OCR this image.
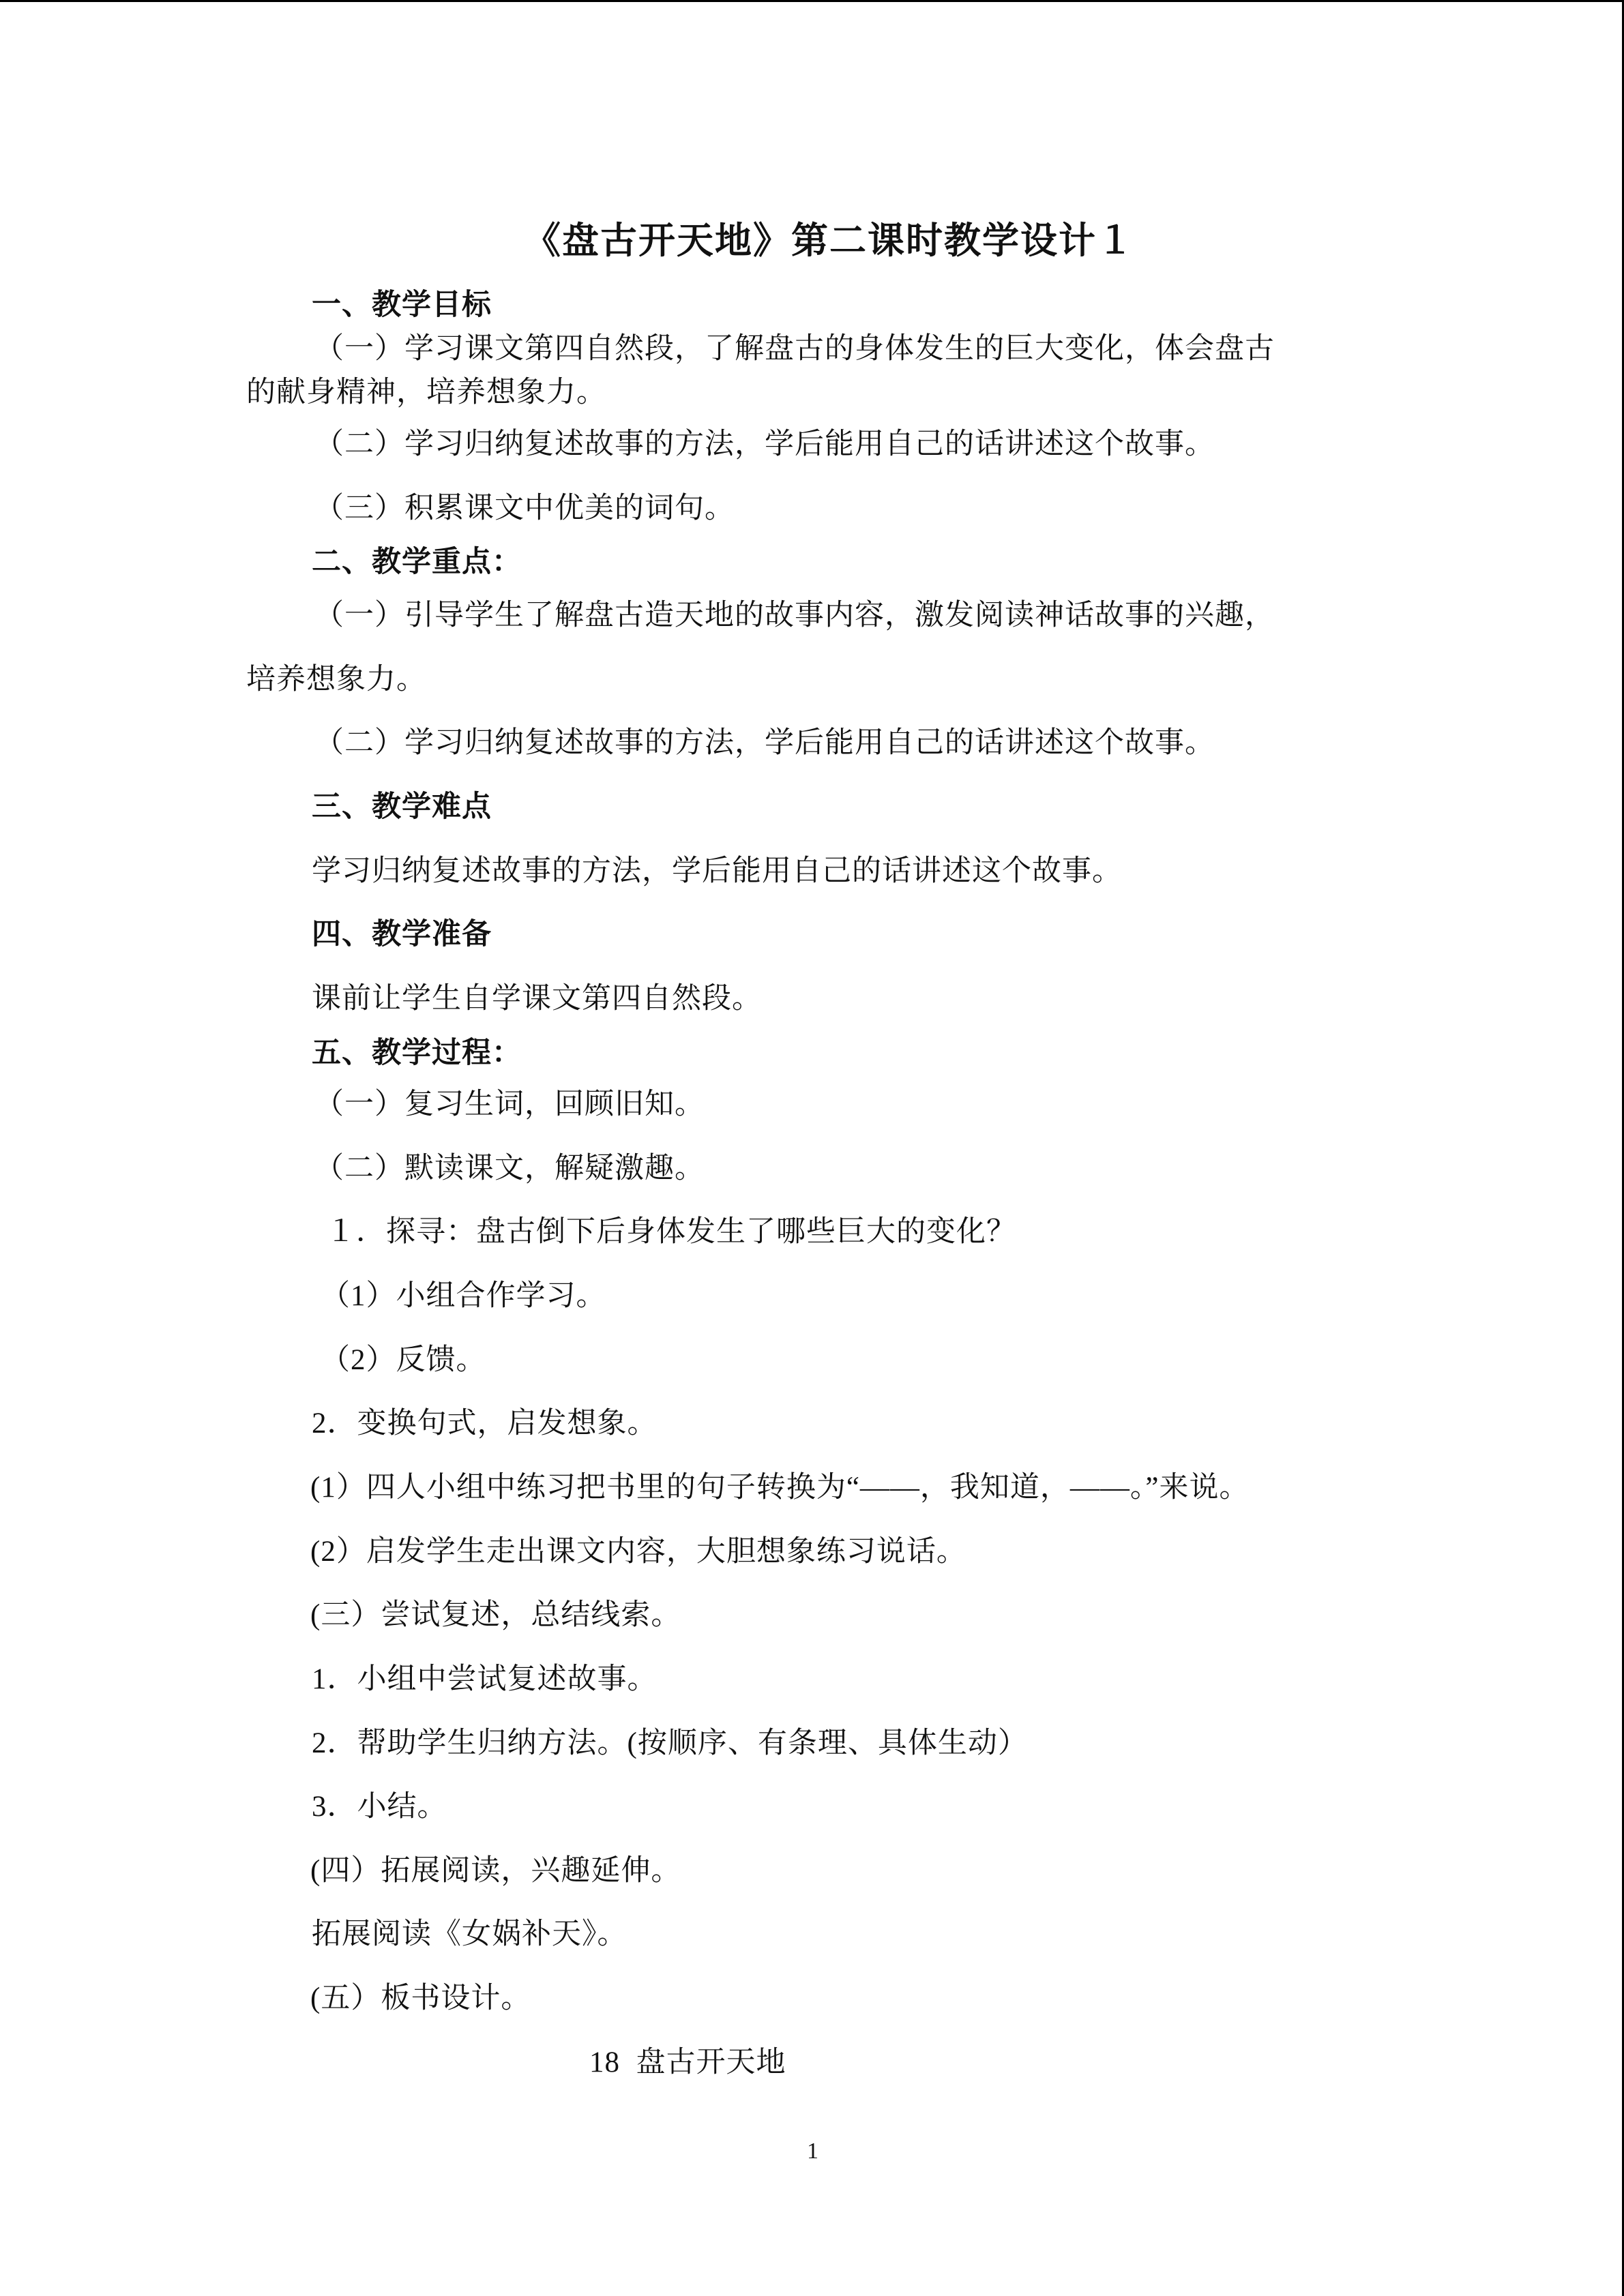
《盘古开天地》第二课时教学设计１
一、教学目标
（一）学习课文第四自然段，了解盘古的身体发生的巨大变化，体会盘古
的献身精神，培养想象力。
（二）学习归纳复述故事的方法，学后能用自己的话讲述这个故事。
（三）积累课文中优美的词句。
二、教学重点：
（一）引导学生了解盘古造天地的故事内容，激发阅读神话故事的兴趣，
培养想象力。
（二）学习归纳复述故事的方法，学后能用自己的话讲述这个故事。
三、教学难点
学习归纳复述故事的方法，学后能用自己的话讲述这个故事。
四、教学准备
课前让学生自学课文第四自然段。
五、教学过程：
（一）复习生词，回顾旧知。
（二）默读课文，解疑激趣。
１．探寻：盘古倒下后身体发生了哪些巨大的变化？
（1）小组合作学习。
（2）反馈。
2．变换句式，启发想象。
(1）四人小组中练习把书里的句子转换为“——，我知道，——。”来说。
(2）启发学生走出课文内容，大胆想象练习说话。
(三）尝试复述，总结线索。
1．小组中尝试复述故事。
2．帮助学生归纳方法。(按顺序、有条理、具体生动）
3．小结。
(四）拓展阅读，兴趣延伸。
拓展阅读《女娲补天》。
(五）板书设计。
18  盘古开天地
1
